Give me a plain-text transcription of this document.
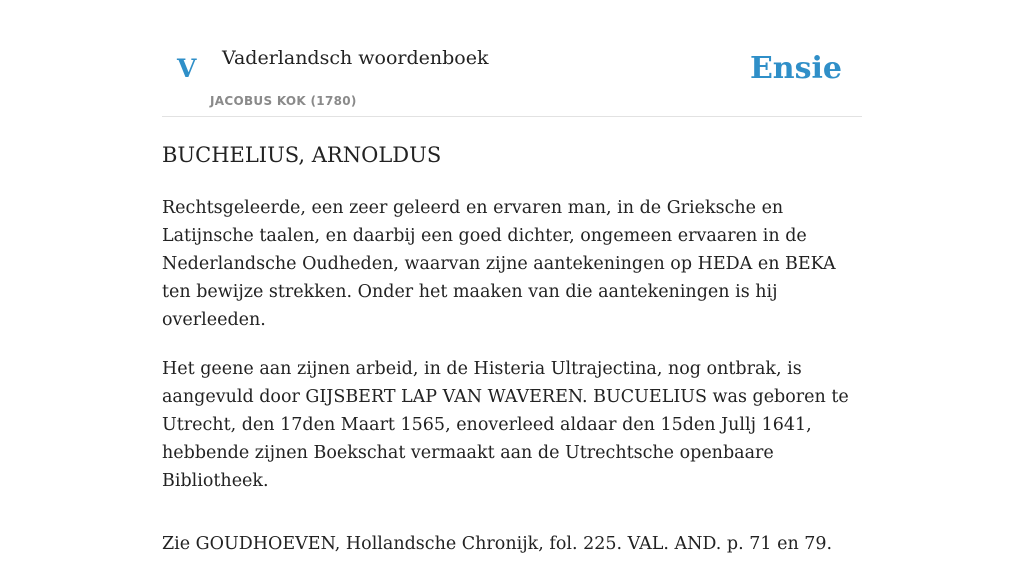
V Vaderlandsch woordenboek
JACOBUS KOK (1780)
Ensie
BUCHELIUS, ARNOLDUS

Rechtsgeleerde, een zeer geleerd en ervaren man, in de Grieksche en Latijnsche taalen, en daarbij een goed dichter, ongemeen ervaaren in de Nederlandsche Oudheden, waarvan zijne aantekeningen op HEDA en BEKA ten bewijze strekken. Onder het maaken van die aantekeningen is hij overleeden.

Het geene aan zijnen arbeid, in de Histeria Ultrajectina, nog ontbrak, is aangevuld door GIJSBERT LAP VAN WAVEREN. BUCUELIUS was geboren te Utrecht, den 17den Maart 1565, enoverleed aldaar den 15den Jullj 1641, hebbende zijnen Boekschat vermaakt aan de Utrechtsche openbaare Bibliotheek.

Zie GOUDHOEVEN, Hollandsche Chronijk, fol. 225. VAL. AND. p. 71 en 79.
